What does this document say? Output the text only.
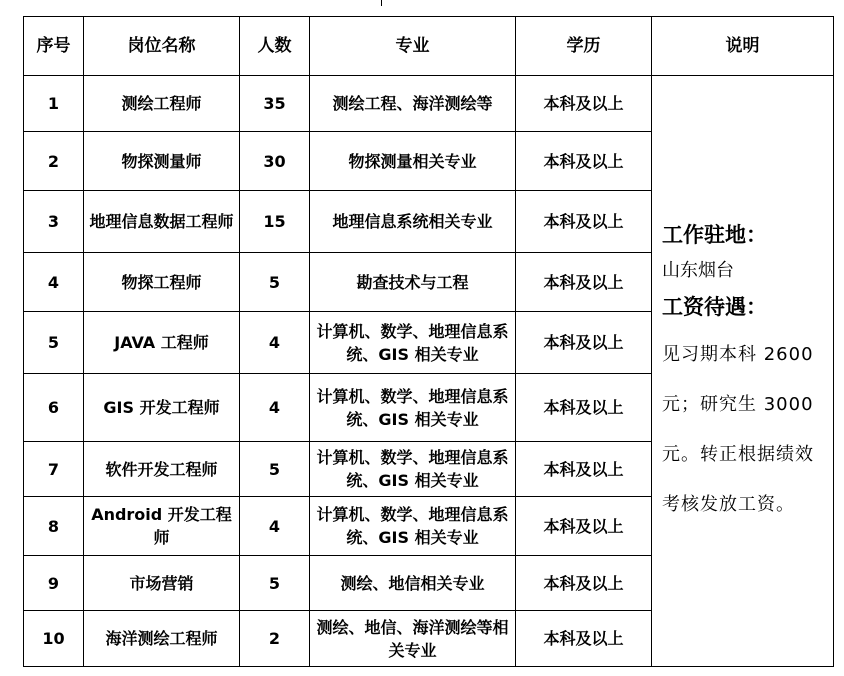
序号	岗位名称	人数	专业	学历	说明
1	测绘工程师	35	测绘工程、海洋测绘等	本科及以上	工作驻地：
山东烟台
工资待遇：
见习期本科 2600 元；研究生 3000 元。转正根据绩效考核发放工资。

2	物探测量师	30	物探测量相关专业	本科及以上	
3	地理信息数据工程师	15	地理信息系统相关专业	本科及以上	
4	物探工程师	5	勘查技术与工程	本科及以上	
5	JAVA 工程师	4	计算机、数学、地理信息系统、GIS 相关专业	本科及以上	
6	GIS 开发工程师	4	计算机、数学、地理信息系统、GIS 相关专业	本科及以上	
7	软件开发工程师	5	计算机、数学、地理信息系统、GIS 相关专业	本科及以上	
8	Android 开发工程师	4	计算机、数学、地理信息系统、GIS 相关专业	本科及以上	
9	市场营销	5	测绘、地信相关专业	本科及以上	
10	海洋测绘工程师	2	测绘、地信、海洋测绘等相关专业	本科及以上	
